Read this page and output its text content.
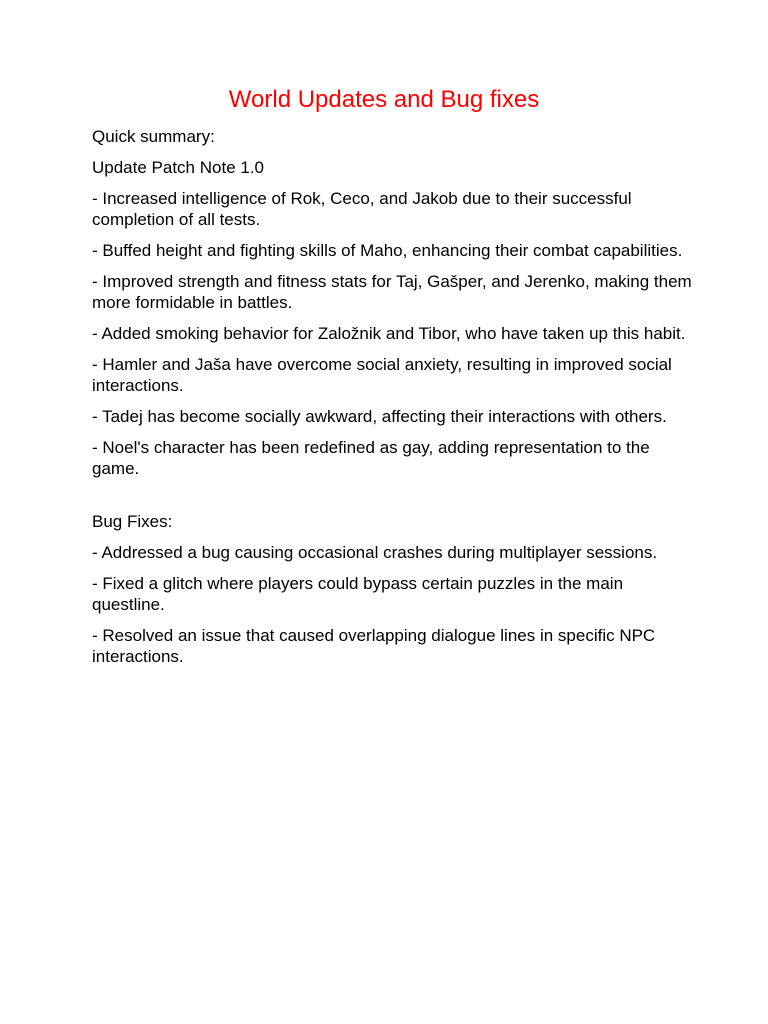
World Updates and Bug fixes

Quick summary:

Update Patch Note 1.0

- Increased intelligence of Rok, Ceco, and Jakob due to their successful completion of all tests.

- Buffed height and fighting skills of Maho, enhancing their combat capabilities.

- Improved strength and fitness stats for Taj, Gašper, and Jerenko, making them more formidable in battles.

- Added smoking behavior for Založnik and Tibor, who have taken up this habit.

- Hamler and Jaša have overcome social anxiety, resulting in improved social interactions.

- Tadej has become socially awkward, affecting their interactions with others.

- Noel's character has been redefined as gay, adding representation to the game.

Bug Fixes:

- Addressed a bug causing occasional crashes during multiplayer sessions.

- Fixed a glitch where players could bypass certain puzzles in the main questline.

- Resolved an issue that caused overlapping dialogue lines in specific NPC interactions.
